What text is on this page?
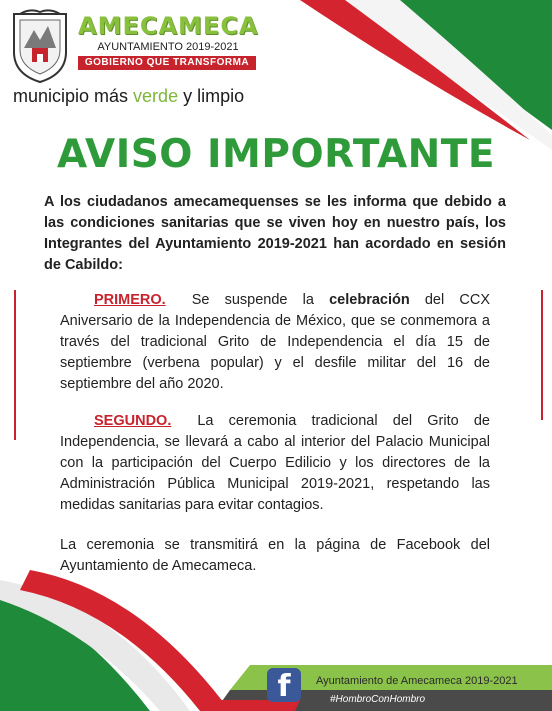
AMECAMECA
AYUNTAMIENTO 2019-2021
GOBIERNO QUE TRANSFORMA
municipio más verde y limpio
AVISO IMPORTANTE
A los ciudadanos amecamequenses se les informa que debido a las condiciones sanitarias que se viven hoy en nuestro país, los Integrantes del Ayuntamiento 2019-2021 han acordado en sesión de Cabildo:
PRIMERO. Se suspende la celebración del CCX Aniversario de la Independencia de México, que se conmemora a través del tradicional Grito de Independencia el día 15 de septiembre (verbena popular) y el desfile militar del 16 de septiembre del año 2020.
SEGUNDO. La ceremonia tradicional del Grito de Independencia, se llevará a cabo al interior del Palacio Municipal con la participación del Cuerpo Edilicio y los directores de la Administración Pública Municipal 2019-2021, respetando las medidas sanitarias para evitar contagios.
La ceremonia se transmitirá en la página de Facebook del Ayuntamiento de Amecameca.
f	Ayuntamiento de Amecameca 2019-2021
#HombroConHombro
